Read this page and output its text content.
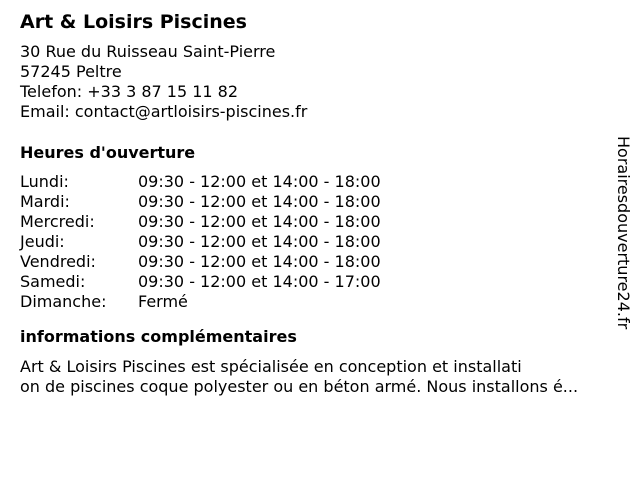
Art & Loisirs Piscines
30 Rue du Ruisseau Saint-Pierre
57245 Peltre
Telefon: +33 3 87 15 11 82
Email: contact@artloisirs-piscines.fr
Heures d'ouverture
Lundi:	09:30 - 12:00 et 14:00 - 18:00
Mardi:	09:30 - 12:00 et 14:00 - 18:00
Mercredi:	09:30 - 12:00 et 14:00 - 18:00
Jeudi:	09:30 - 12:00 et 14:00 - 18:00
Vendredi:	09:30 - 12:00 et 14:00 - 18:00
Samedi:	09:30 - 12:00 et 14:00 - 17:00
Dimanche:	Fermé
informations complémentaires
Art & Loisirs Piscines est spécialisée en conception et installati
on de piscines coque polyester ou en béton armé. Nous installons é...
Horairesdouverture24.fr
